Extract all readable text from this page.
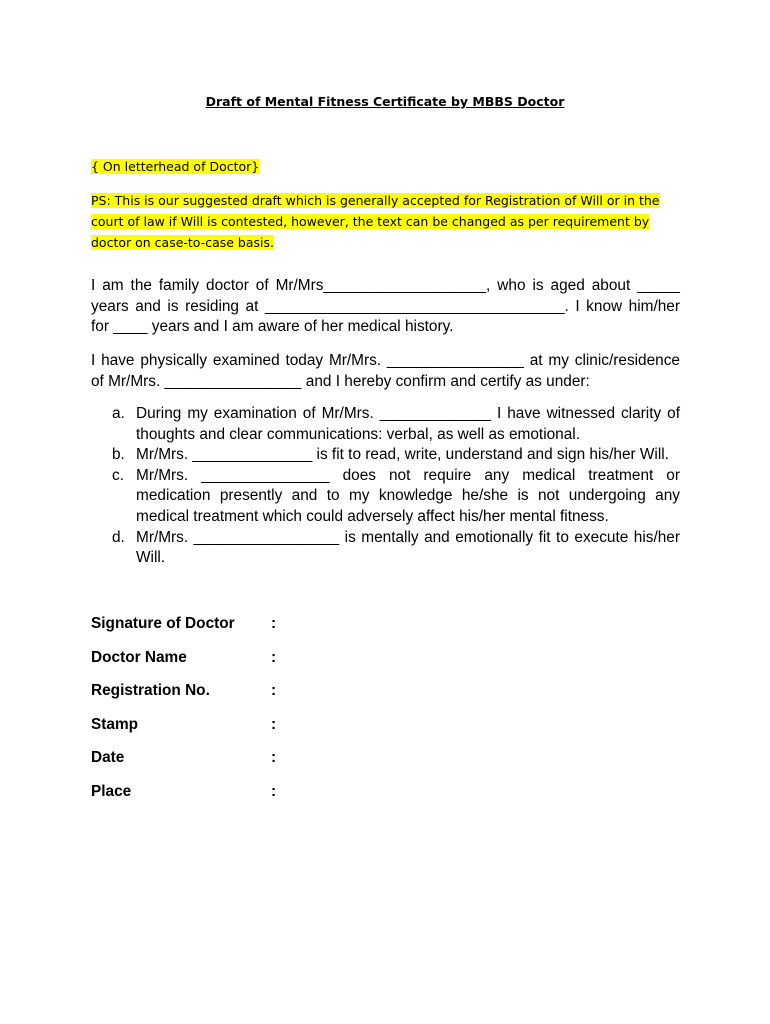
Draft of Mental Fitness Certificate by MBBS Doctor
{ On letterhead of Doctor}
PS: This is our suggested draft which is generally accepted for Registration of Will or in the court of law if Will is contested, however, the text can be changed as per requirement by doctor on case-to-case basis.
I am the family doctor of Mr/Mrs___________________, who is aged about _____ years and is residing at ___________________________________. I know him/her for ____ years and I am aware of her medical history.
I have physically examined today Mr/Mrs. ________________ at my clinic/residence of Mr/Mrs. ________________ and I hereby confirm and certify as under:
a. During my examination of Mr/Mrs. _____________ I have witnessed clarity of thoughts and clear communications: verbal, as well as emotional.
b. Mr/Mrs. ______________ is fit to read, write, understand and sign his/her Will.
c. Mr/Mrs. _______________ does not require any medical treatment or medication presently and to my knowledge he/she is not undergoing any medical treatment which could adversely affect his/her mental fitness.
d. Mr/Mrs. _________________ is mentally and emotionally fit to execute his/her Will.
Signature of Doctor :
Doctor Name	:
Registration No.	:
Stamp	:
Date	:
Place	:
